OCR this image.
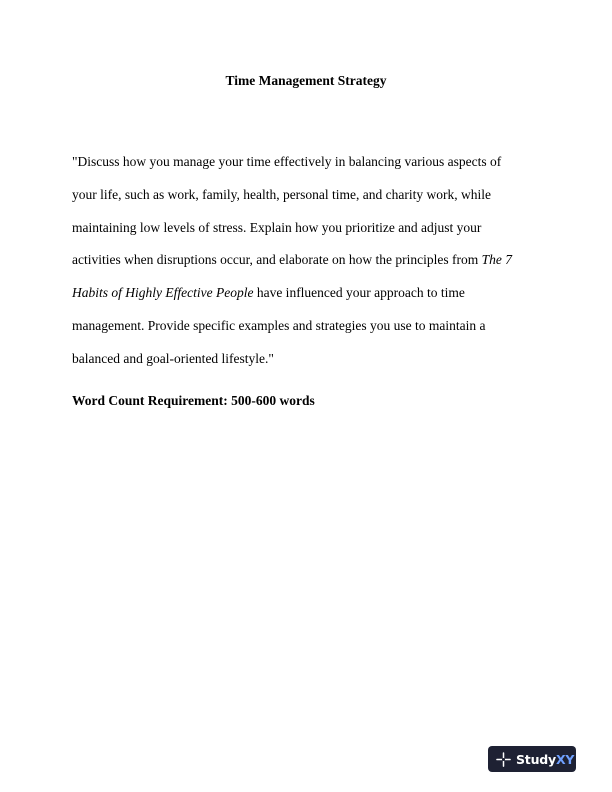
Time Management Strategy
"Discuss how you manage your time effectively in balancing various aspects of
your life, such as work, family, health, personal time, and charity work, while
maintaining low levels of stress. Explain how you prioritize and adjust your
activities when disruptions occur, and elaborate on how the principles from The 7
Habits of Highly Effective People have influenced your approach to time
management. Provide specific examples and strategies you use to maintain a
balanced and goal-oriented lifestyle."
Word Count Requirement: 500-600 words
StudyXY
